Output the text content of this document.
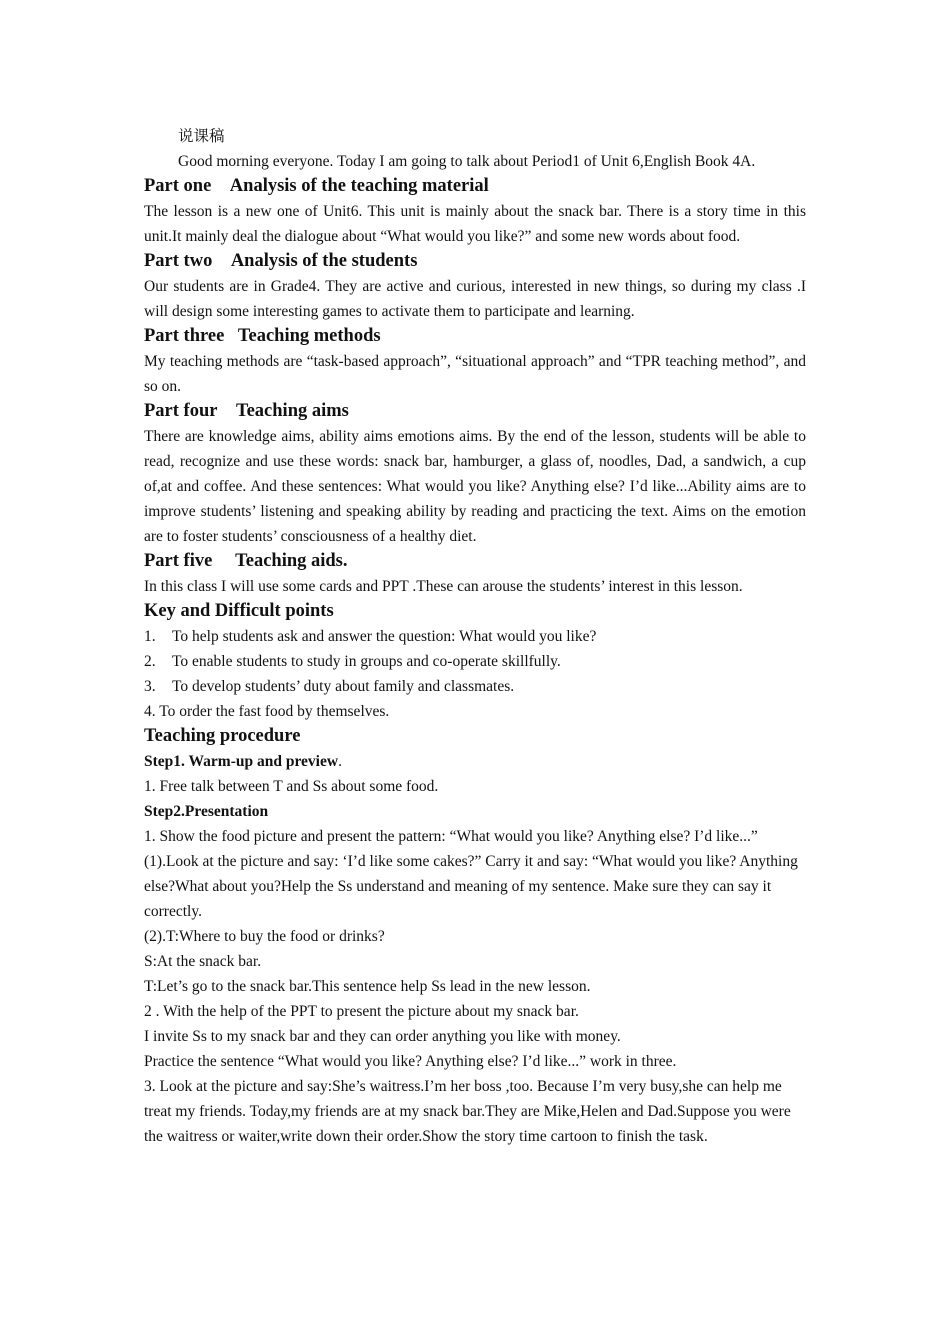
说课稿

Good morning everyone. Today I am going to talk about Period1 of Unit 6,English Book 4A.

Part one Analysis of the teaching material

The lesson is a new one of Unit6. This unit is mainly about the snack bar. There is a story time in this unit.It mainly deal the dialogue about “What would you like?” and some new words about food.

Part two Analysis of the students

Our students are in Grade4. They are active and curious, interested in new things, so during my class .I will design some interesting games to activate them to participate and learning.

Part three  Teaching methods

My teaching methods are “task-based approach”, “situational approach” and “TPR teaching method”, and so on.

Part four Teaching aims

There are knowledge aims, ability aims emotions aims. By the end of the lesson, students will be able to read, recognize and use these words: snack bar, hamburger, a glass of, noodles, Dad, a sandwich, a cup of,at and coffee. And these sentences: What would you like? Anything else? I’d like...Ability aims are to improve students’ listening and speaking ability by reading and practicing the text. Aims on the emotion are to foster students’ consciousness of a healthy diet.

Part five  Teaching aids.

In this class I will use some cards and PPT .These can arouse the students’ interest in this lesson.

Key and Difficult points

1. To help students ask and answer the question: What would you like?

2. To enable students to study in groups and co-operate skillfully.

3. To develop students’ duty about family and classmates.

4. To order the fast food by themselves.

Teaching procedure

Step1. Warm-up and preview.

1. Free talk between T and Ss about some food.

Step2.Presentation

1. Show the food picture and present the pattern: “What would you like? Anything else? I’d like...”

(1).Look at the picture and say: ‘I’d like some cakes?” Carry it and say: “What would you like? Anything else?What about you?Help the Ss understand and meaning of my sentence. Make sure they can say it correctly.

(2).T:Where to buy the food or drinks?

S:At the snack bar.

T:Let’s go to the snack bar.This sentence help Ss lead in the new lesson.

2 . With the help of the PPT to present the picture about my snack bar.

I invite Ss to my snack bar and they can order anything you like with money.

Practice the sentence “What would you like? Anything else? I’d like...” work in three.

3. Look at the picture and say:She’s waitress.I’m her boss ,too. Because I’m very busy,she can help me treat my friends. Today,my friends are at my snack bar.They are Mike,Helen and Dad.Suppose you were the waitress or waiter,write down their order.Show the story time cartoon to finish the task.
